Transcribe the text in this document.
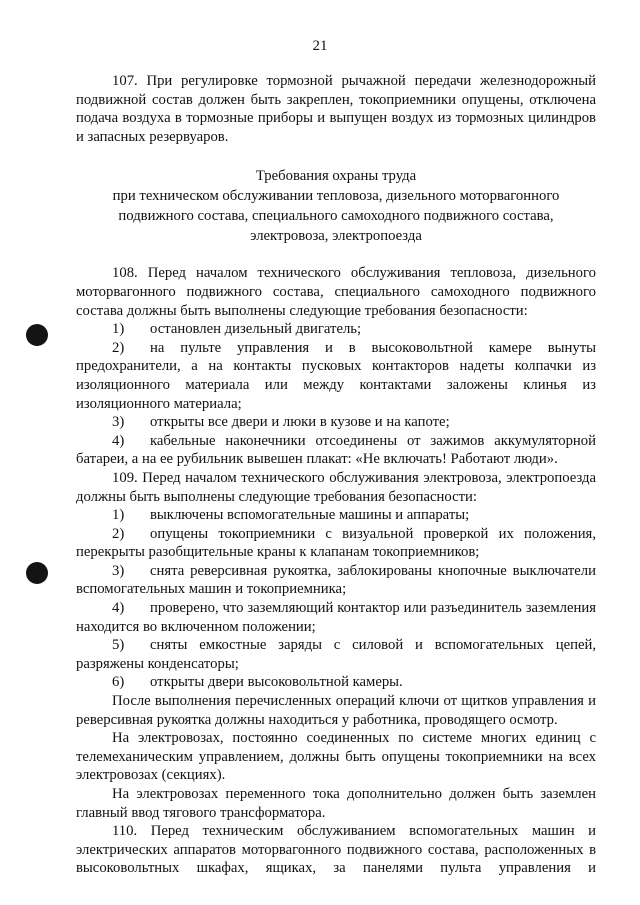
21

107. При регулировке тормозной рычажной передачи железнодорожный подвижной состав должен быть закреплен, токоприемники опущены, отключена подача воздуха в тормозные приборы и выпущен воздух из тормозных цилиндров и запасных резервуаров.

Требования охраны труда
при техническом обслуживании тепловоза, дизельного моторвагонного
подвижного состава, специального самоходного подвижного состава,
электровоза, электропоезда

108. Перед началом технического обслуживания тепловоза, дизельного моторвагонного подвижного состава, специального самоходного подвижного состава должны быть выполнены следующие требования безопасности:

1) остановлен дизельный двигатель;

2) на пульте управления и в высоковольтной камере вынуты предохранители, а на контакты пусковых контакторов надеты колпачки из изоляционного материала или между контактами заложены клинья из изоляционного материала;

3) открыты все двери и люки в кузове и на капоте;

4) кабельные наконечники отсоединены от зажимов аккумуляторной батареи, а на ее рубильник вывешен плакат: «Не включать! Работают люди».

109. Перед началом технического обслуживания электровоза, электропоезда должны быть выполнены следующие требования безопасности:

1) выключены вспомогательные машины и аппараты;

2) опущены токоприемники с визуальной проверкой их положения, перекрыты разобщительные краны к клапанам токоприемников;

3) снята реверсивная рукоятка, заблокированы кнопочные выключатели вспомогательных машин и токоприемника;

4) проверено, что заземляющий контактор или разъединитель заземления находится во включенном положении;

5) сняты емкостные заряды с силовой и вспомогательных цепей, разряжены конденсаторы;

6) открыты двери высоковольтной камеры.

После выполнения перечисленных операций ключи от щитков управления и реверсивная рукоятка должны находиться у работника, проводящего осмотр.

На электровозах, постоянно соединенных по системе многих единиц с телемеханическим управлением, должны быть опущены токоприемники на всех электровозах (секциях).

На электровозах переменного тока дополнительно должен быть заземлен главный ввод тягового трансформатора.

110. Перед техническим обслуживанием вспомогательных машин и электрических аппаратов моторвагонного подвижного состава, расположенных в высоковольтных шкафах, ящиках, за панелями пульта управления и
